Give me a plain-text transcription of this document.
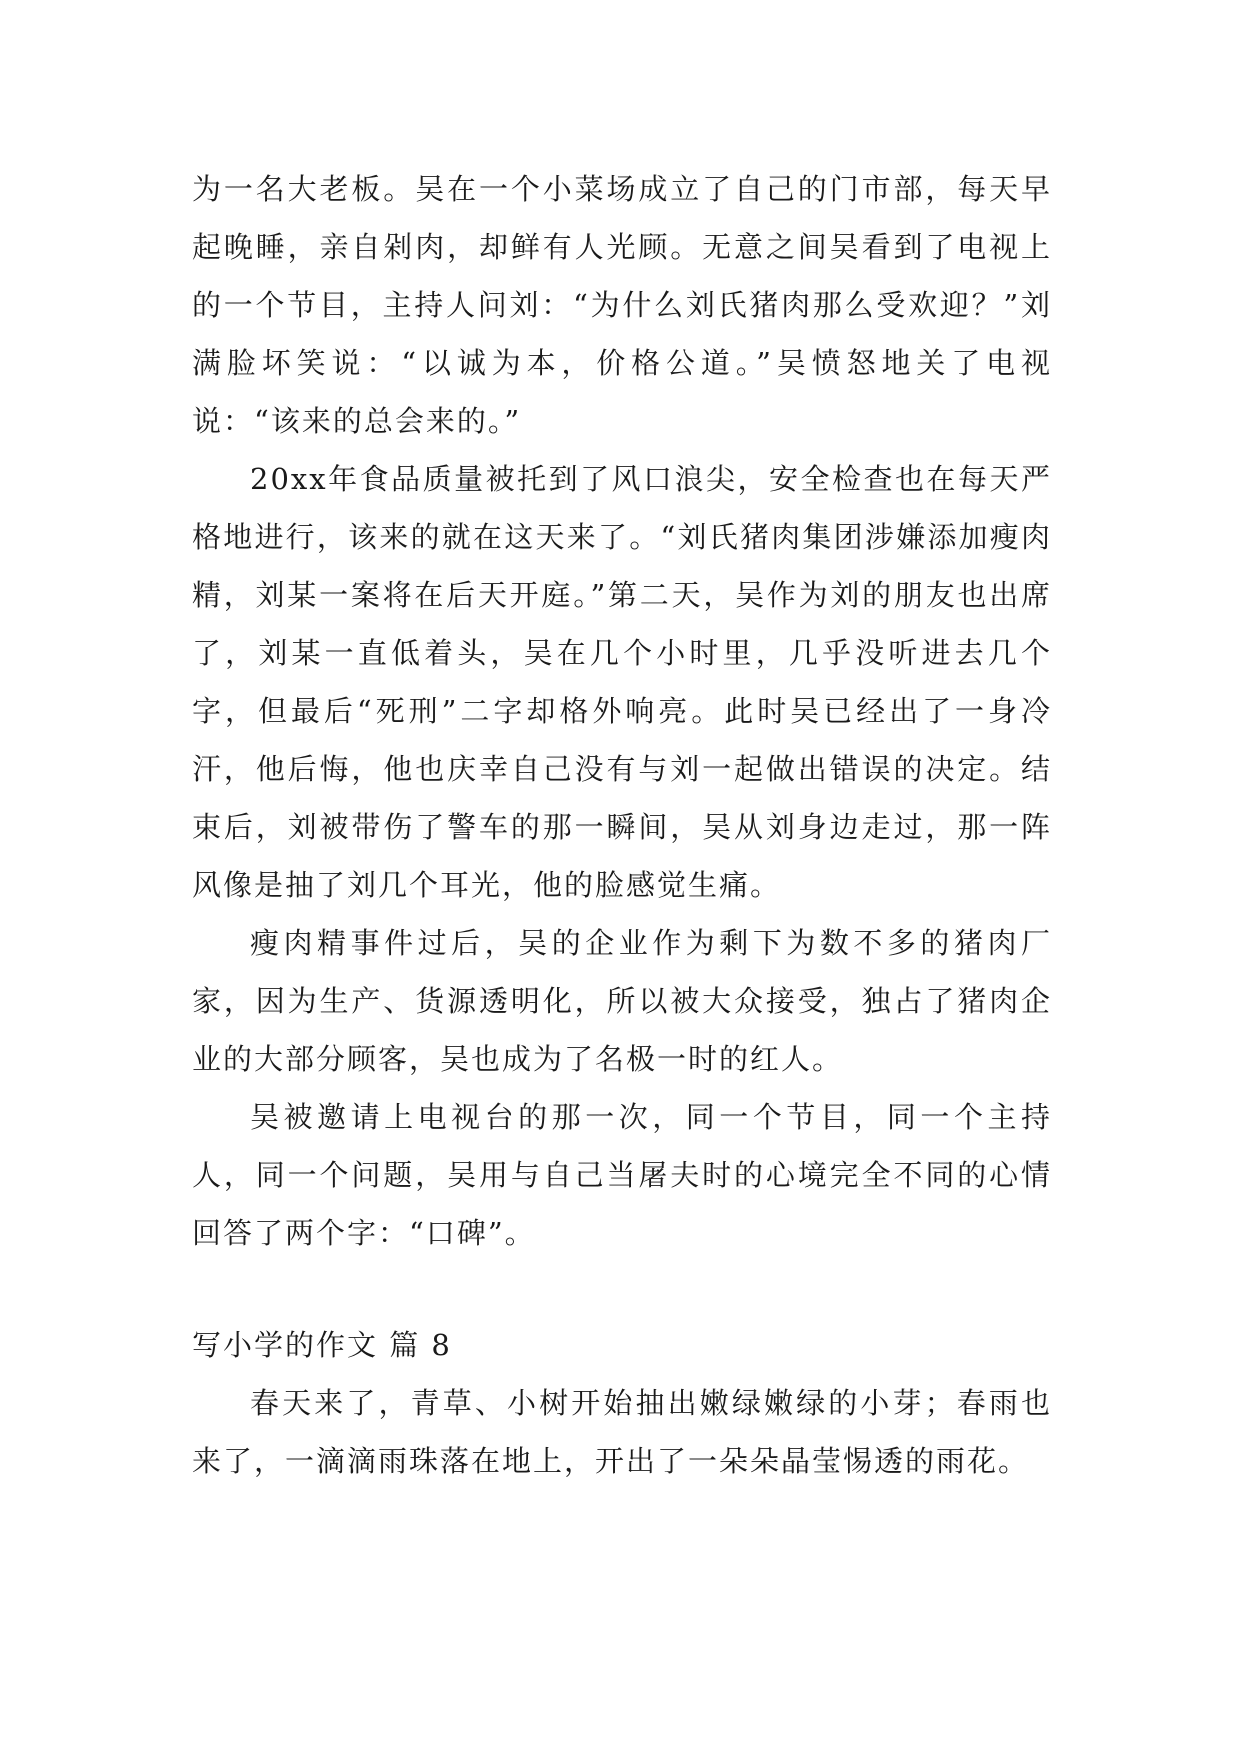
为一名大老板。吴在一个小菜场成立了自己的门市部，每天早起晚睡，亲自剁肉，却鲜有人光顾。无意之间吴看到了电视上的一个节目，主持人问刘：“为什么刘氏猪肉那么受欢迎？”刘满脸坏笑说：“以诚为本，价格公道。”吴愤怒地关了电视说：“该来的总会来的。”

20xx年食品质量被托到了风口浪尖，安全检查也在每天严格地进行，该来的就在这天来了。“刘氏猪肉集团涉嫌添加瘦肉精，刘某一案将在后天开庭。”第二天，吴作为刘的朋友也出席了，刘某一直低着头，吴在几个小时里，几乎没听进去几个字，但最后“死刑”二字却格外响亮。此时吴已经出了一身冷汗，他后悔，他也庆幸自己没有与刘一起做出错误的决定。结束后，刘被带伤了警车的那一瞬间，吴从刘身边走过，那一阵风像是抽了刘几个耳光，他的脸感觉生痛。

瘦肉精事件过后，吴的企业作为剩下为数不多的猪肉厂家，因为生产、货源透明化，所以被大众接受，独占了猪肉企业的大部分顾客，吴也成为了名极一时的红人。

吴被邀请上电视台的那一次，同一个节目，同一个主持人，同一个问题，吴用与自己当屠夫时的心境完全不同的心情回答了两个字：“口碑”。

写小学的作文 篇 8

春天来了，青草、小树开始抽出嫩绿嫩绿的小芽；春雨也来了，一滴滴雨珠落在地上，开出了一朵朵晶莹惕透的雨花。
